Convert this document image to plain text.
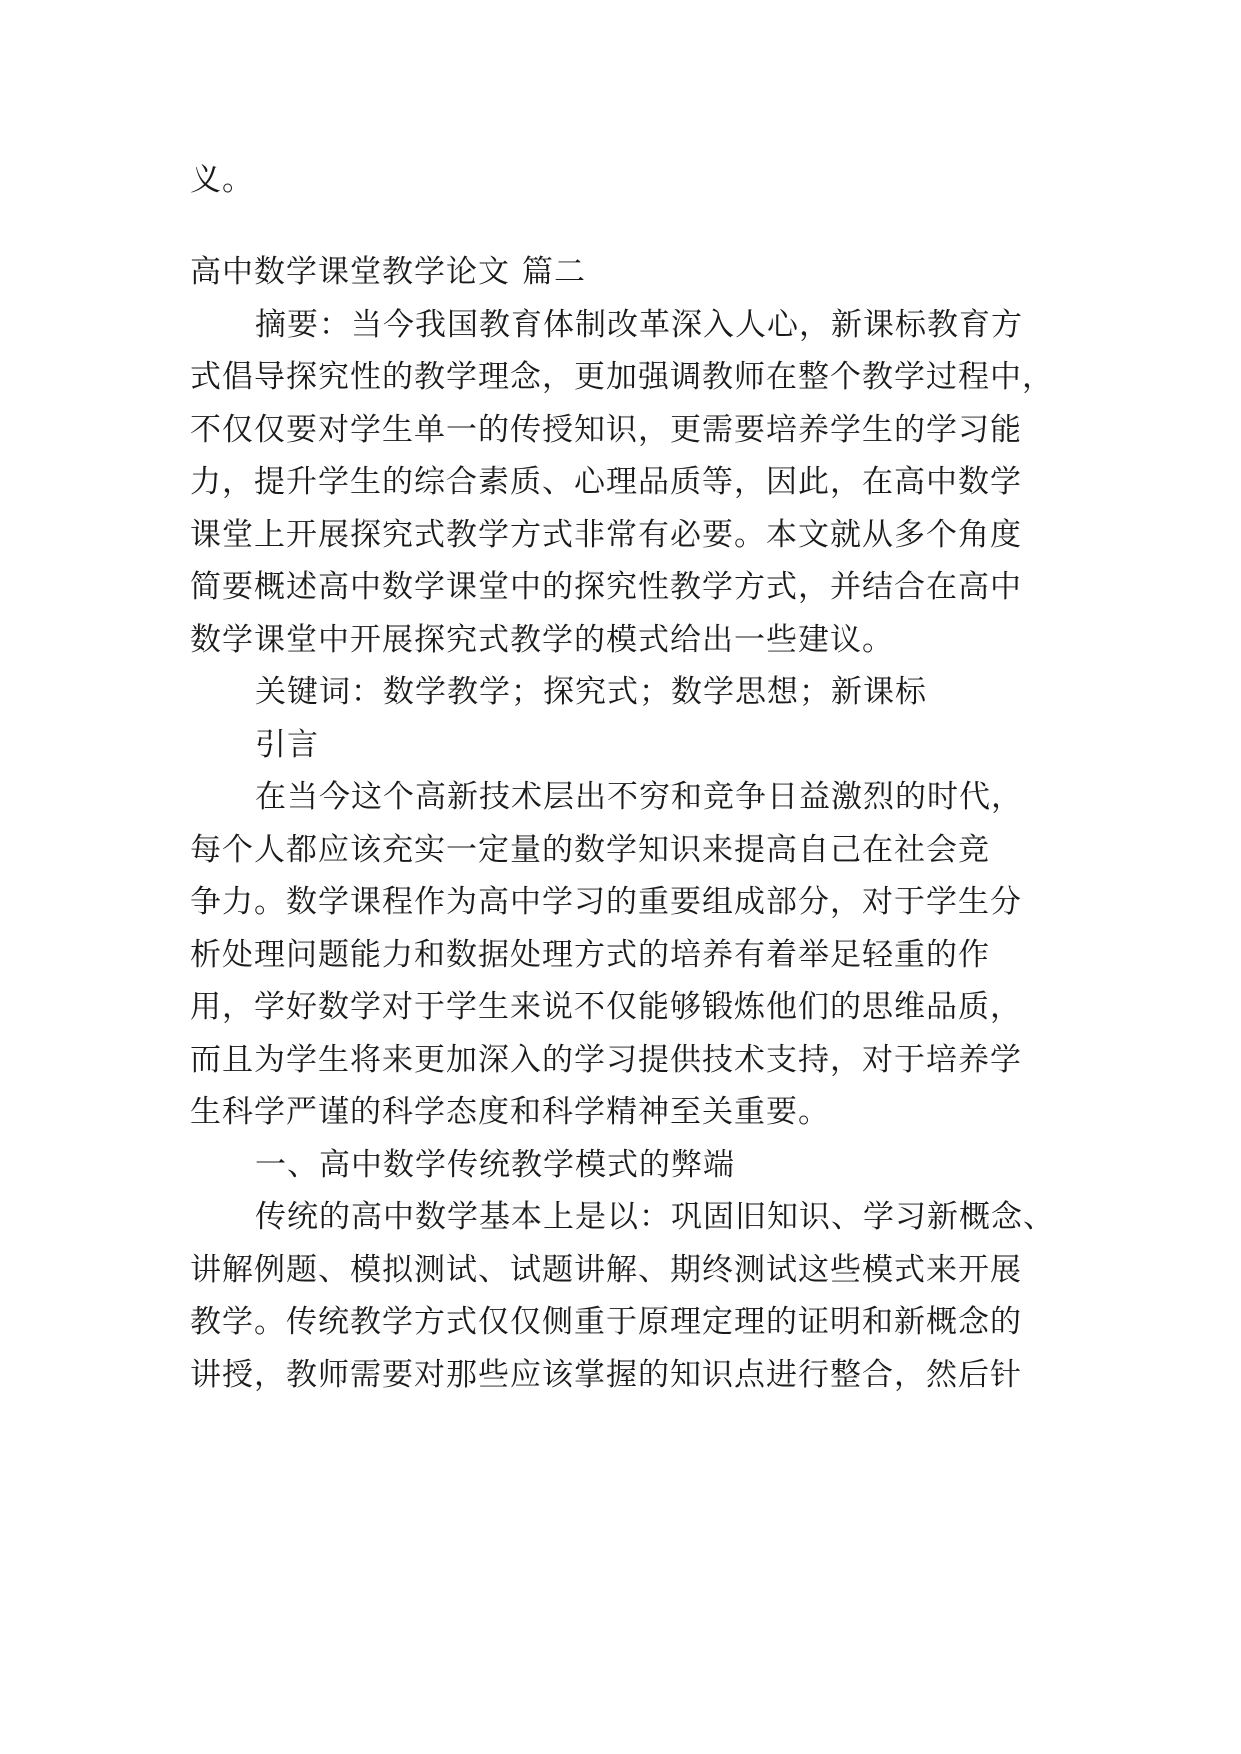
义。

高中数学课堂教学论文 篇二

摘要：当今我国教育体制改革深入人心，新课标教育方

式倡导探究性的教学理念，更加强调教师在整个教学过程中，

不仅仅要对学生单一的传授知识，更需要培养学生的学习能

力，提升学生的综合素质、心理品质等，因此，在高中数学

课堂上开展探究式教学方式非常有必要。本文就从多个角度

简要概述高中数学课堂中的探究性教学方式，并结合在高中

数学课堂中开展探究式教学的模式给出一些建议。

关键词：数学教学；探究式；数学思想；新课标

引言

在当今这个高新技术层出不穷和竞争日益激烈的时代，

每个人都应该充实一定量的数学知识来提高自己在社会竞

争力。数学课程作为高中学习的重要组成部分，对于学生分

析处理问题能力和数据处理方式的培养有着举足轻重的作

用，学好数学对于学生来说不仅能够锻炼他们的思维品质，

而且为学生将来更加深入的学习提供技术支持，对于培养学

生科学严谨的科学态度和科学精神至关重要。

一、高中数学传统教学模式的弊端

传统的高中数学基本上是以：巩固旧知识、学习新概念、

讲解例题、模拟测试、试题讲解、期终测试这些模式来开展

教学。传统教学方式仅仅侧重于原理定理的证明和新概念的

讲授，教师需要对那些应该掌握的知识点进行整合，然后针
